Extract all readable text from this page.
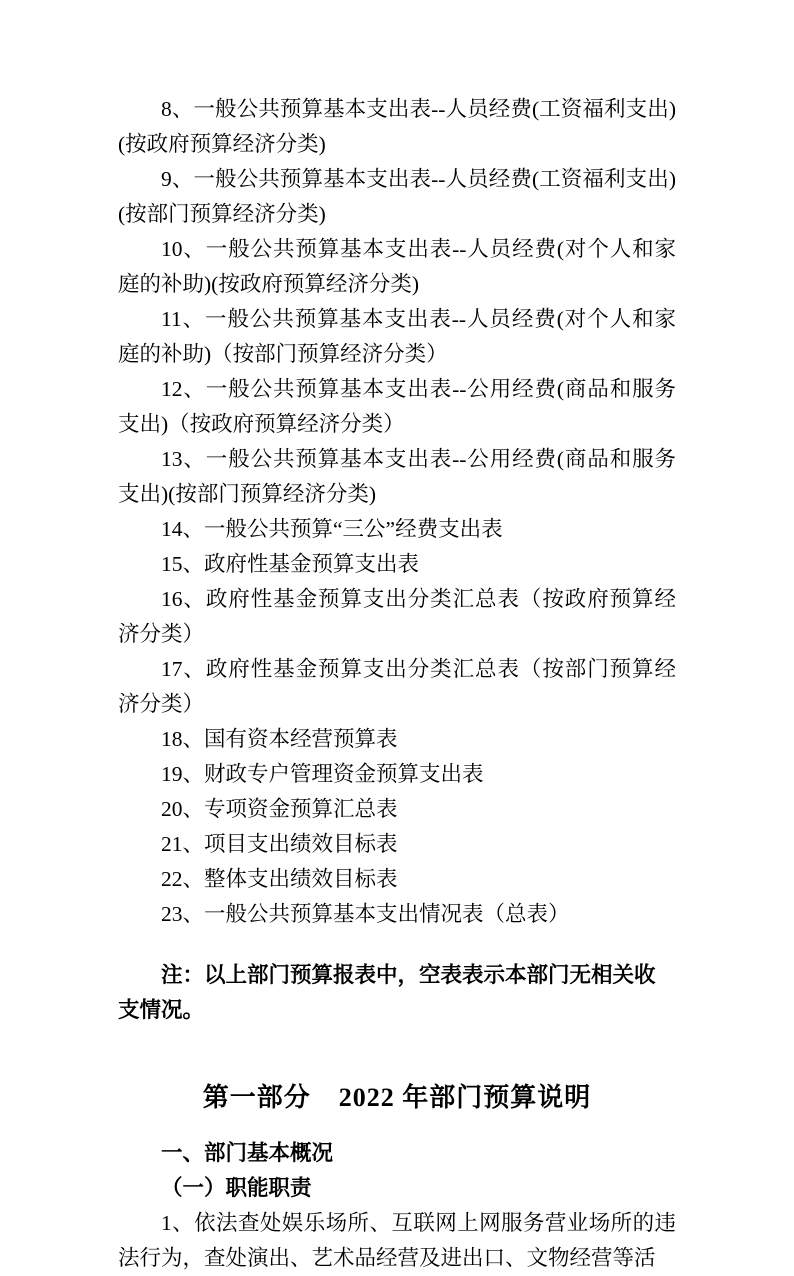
8、一般公共预算基本支出表--人员经费(工资福利支出)(按政府预算经济分类)

9、一般公共预算基本支出表--人员经费(工资福利支出)(按部门预算经济分类)

10、一般公共预算基本支出表--人员经费(对个人和家庭的补助)(按政府预算经济分类)

11、一般公共预算基本支出表--人员经费(对个人和家庭的补助)（按部门预算经济分类）

12、一般公共预算基本支出表--公用经费(商品和服务支出)（按政府预算经济分类）

13、一般公共预算基本支出表--公用经费(商品和服务支出)(按部门预算经济分类)

14、一般公共预算“三公”经费支出表

15、政府性基金预算支出表

16、政府性基金预算支出分类汇总表（按政府预算经济分类）

17、政府性基金预算支出分类汇总表（按部门预算经济分类）

18、国有资本经营预算表

19、财政专户管理资金预算支出表

20、专项资金预算汇总表

21、项目支出绩效目标表

22、整体支出绩效目标表

23、一般公共预算基本支出情况表（总表）

注：以上部门预算报表中，空表表示本部门无相关收支情况。

第一部分 2022 年部门预算说明

一、部门基本概况

（一）职能职责

1、依法查处娱乐场所、互联网上网服务营业场所的违法行为，查处演出、艺术品经营及进出口、文物经营等活
